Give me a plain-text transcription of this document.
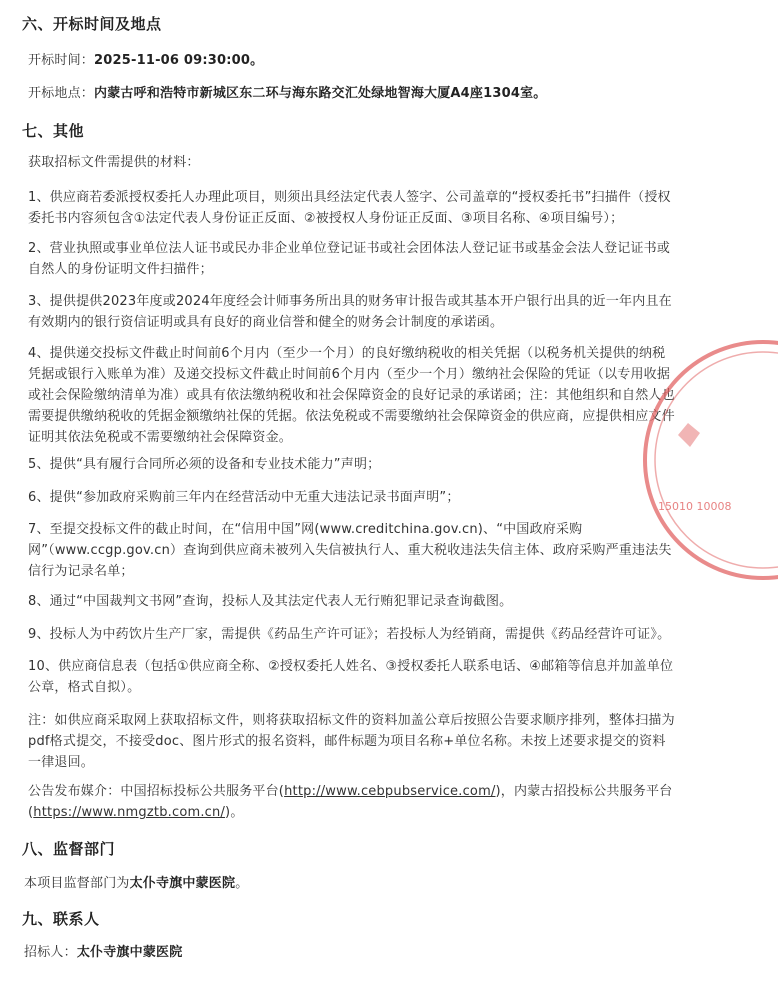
六、开标时间及地点

开标时间：2025-11-06 09:30:00。

开标地点：内蒙古呼和浩特市新城区东二环与海东路交汇处绿地智海大厦A4座1304室。

七、其他

获取招标文件需提供的材料：

1、供应商若委派授权委托人办理此项目，则须出具经法定代表人签字、公司盖章的“授权委托书”扫描件（授权委托书内容须包含①法定代表人身份证正反面、②被授权人身份证正反面、③项目名称、④项目编号）；

2、营业执照或事业单位法人证书或民办非企业单位登记证书或社会团体法人登记证书或基金会法人登记证书或自然人的身份证明文件扫描件；

3、提供提供2023年度或2024年度经会计师事务所出具的财务审计报告或其基本开户银行出具的近一年内且在有效期内的银行资信证明或具有良好的商业信誉和健全的财务会计制度的承诺函。

4、提供递交投标文件截止时间前6个月内（至少一个月）的良好缴纳税收的相关凭据（以税务机关提供的纳税凭据或银行入账单为准）及递交投标文件截止时间前6个月内（至少一个月）缴纳社会保险的凭证（以专用收据或社会保险缴纳清单为准）或具有依法缴纳税收和社会保障资金的良好记录的承诺函；注：其他组织和自然人也需要提供缴纳税收的凭据金额缴纳社保的凭据。依法免税或不需要缴纳社会保障资金的供应商，应提供相应文件证明其依法免税或不需要缴纳社会保障资金。

5、提供“具有履行合同所必须的设备和专业技术能力”声明；

6、提供“参加政府采购前三年内在经营活动中无重大违法记录书面声明”；

7、至提交投标文件的截止时间，在“信用中国”网(www.creditchina.gov.cn)、“中国政府采购网”（www.ccgp.gov.cn）查询到供应商未被列入失信被执行人、重大税收违法失信主体、政府采购严重违法失信行为记录名单；

8、通过“中国裁判文书网”查询，投标人及其法定代表人无行贿犯罪记录查询截图。

9、投标人为中药饮片生产厂家，需提供《药品生产许可证》；若投标人为经销商，需提供《药品经营许可证》。

10、供应商信息表（包括①供应商全称、②授权委托人姓名、③授权委托人联系电话、④邮箱等信息并加盖单位公章，格式自拟）。

注：如供应商采取网上获取招标文件，则将获取招标文件的资料加盖公章后按照公告要求顺序排列，整体扫描为pdf格式提交，不接受doc、图片形式的报名资料，邮件标题为项目名称+单位名称。未按上述要求提交的资料一律退回。

公告发布媒介：中国招标投标公共服务平台(http://www.cebpubservice.com/)，内蒙古招投标公共服务平台(https://www.nmgztb.com.cn/)。

八、监督部门

本项目监督部门为太仆寺旗中蒙医院。

九、联系人

招标人：太仆寺旗中蒙医院

15010 10008
